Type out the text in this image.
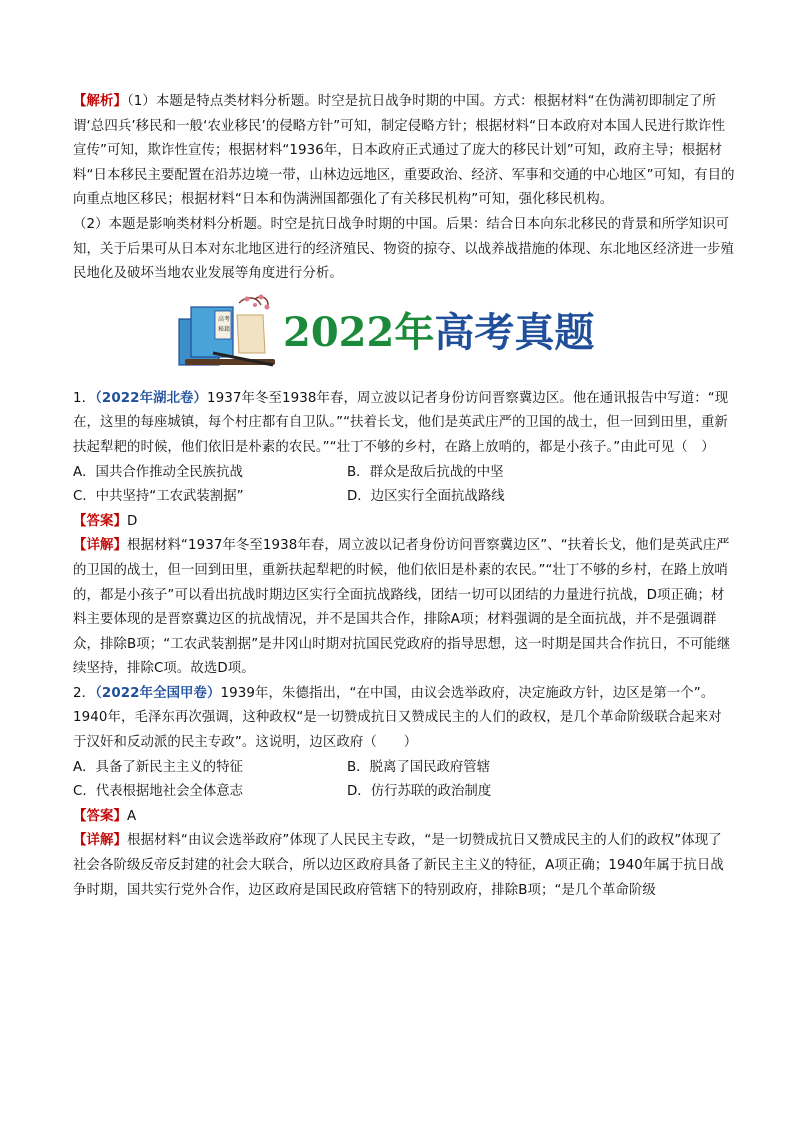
【解析】（1）本题是特点类材料分析题。时空是抗日战争时期的中国。方式：根据材料“在伪满初即制定了所谓‘总四兵’移民和一般‘农业移民’的侵略方针”可知，制定侵略方针；根据材料“日本政府对本国人民进行欺诈性宣传”可知，欺诈性宣传；根据材料“1936年，日本政府正式通过了庞大的移民计划”可知，政府主导；根据材料“日本移民主要配置在沿苏边境一带，山林边远地区，重要政治、经济、军事和交通的中心地区”可知，有目的向重点地区移民；根据材料“日本和伪满洲国都强化了有关移民机构”可知，强化移民机构。

（2）本题是影响类材料分析题。时空是抗日战争时期的中国。后果：结合日本向东北移民的背景和所学知识可知，关于后果可从日本对东北地区进行的经济殖民、物资的掠夺、以战养战措施的体现、东北地区经济进一步殖民地化及破坏当地农业发展等角度进行分析。

高考
秘籍 2022年高考真题

1．（2022年湖北卷）1937年冬至1938年春，周立波以记者身份访问晋察冀边区。他在通讯报告中写道：“现在，这里的每座城镇，每个村庄都有自卫队。”“扶着长戈，他们是英武庄严的卫国的战士，但一回到田里，重新扶起犁耙的时候，他们依旧是朴素的农民。”“壮丁不够的乡村，在路上放哨的，都是小孩子。”由此可见（　）

A．国共合作推动全民族抗战	B．群众是敌后抗战的中坚
C．中共坚持“工农武装割据”	D．边区实行全面抗战路线

【答案】D

【详解】根据材料“1937年冬至1938年春，周立波以记者身份访问晋察冀边区”、“扶着长戈，他们是英武庄严的卫国的战士，但一回到田里，重新扶起犁耙的时候，他们依旧是朴素的农民。”“壮丁不够的乡村，在路上放哨的，都是小孩子”可以看出抗战时期边区实行全面抗战路线，团结一切可以团结的力量进行抗战，D项正确；材料主要体现的是晋察冀边区的抗战情况，并不是国共合作，排除A项；材料强调的是全面抗战，并不是强调群众，排除B项；“工农武装割据”是井冈山时期对抗国民党政府的指导思想，这一时期是国共合作抗日，不可能继续坚持，排除C项。故选D项。

2．（2022年全国甲卷）1939年，朱德指出，“在中国，由议会选举政府，决定施政方针，边区是第一个”。1940年，毛泽东再次强调，这种政权“是一切赞成抗日又赞成民主的人们的政权，是几个革命阶级联合起来对于汉奸和反动派的民主专政”。这说明，边区政府（　　）

A．具备了新民主主义的特征	B．脱离了国民政府管辖
C．代表根据地社会全体意志	D．仿行苏联的政治制度

【答案】A

【详解】根据材料“由议会选举政府”体现了人民民主专政，“是一切赞成抗日又赞成民主的人们的政权”体现了社会各阶级反帝反封建的社会大联合，所以边区政府具备了新民主主义的特征，A项正确；1940年属于抗日战争时期，国共实行党外合作，边区政府是国民政府管辖下的特别政府，排除B项；“是几个革命阶级
